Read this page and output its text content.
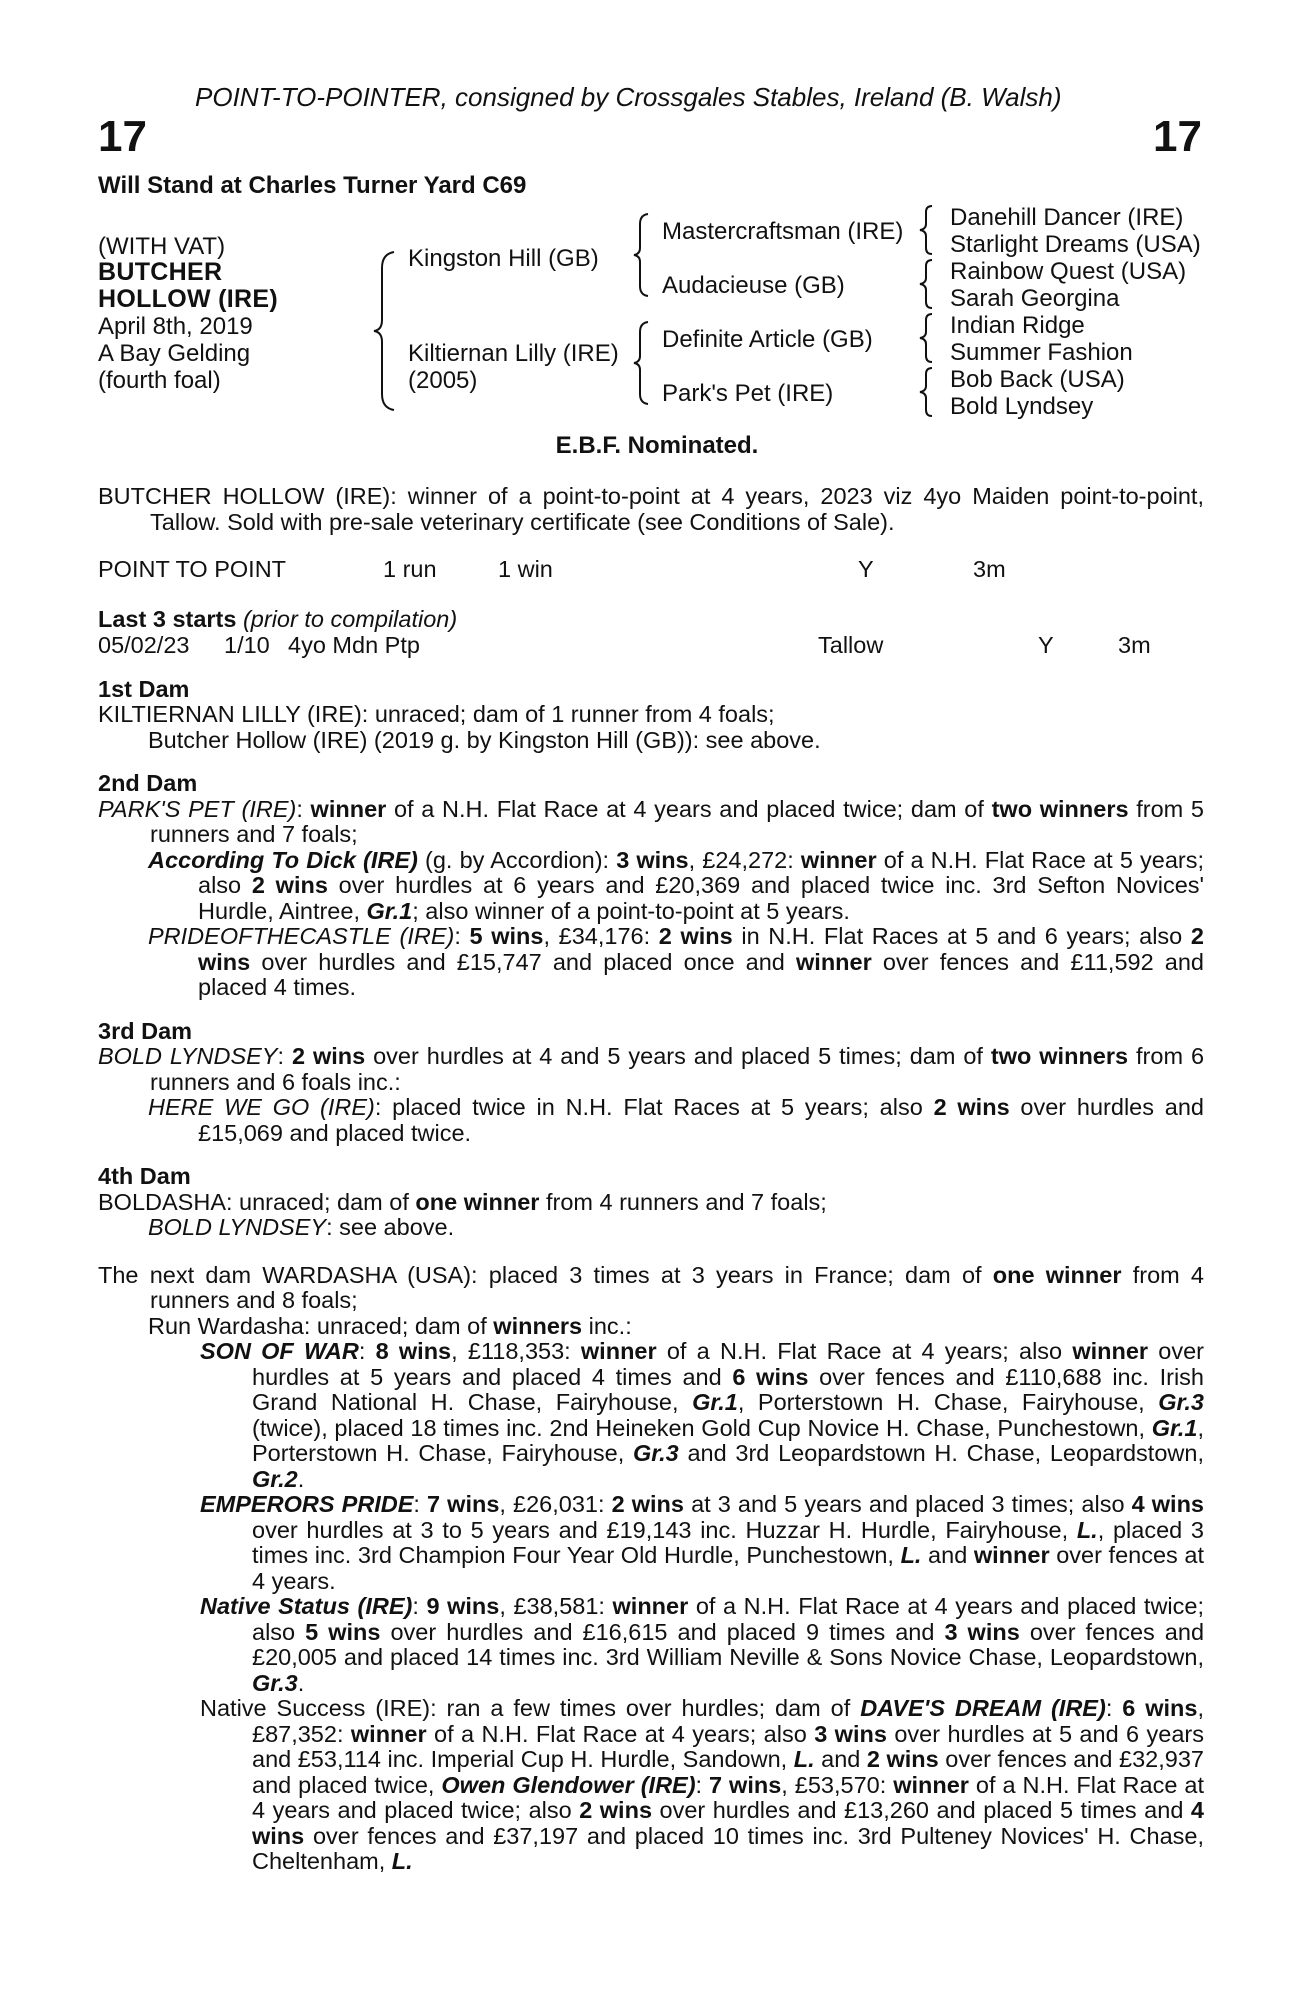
POINT-TO-POINTER, consigned by Crossgales Stables, Ireland (B. Walsh)
17	17
Will Stand at Charles Turner Yard C69
(WITH VAT)
BUTCHER
HOLLOW (IRE)
April 8th, 2019
A Bay Gelding
(fourth foal)
Kingston Hill (GB)
Kiltiernan Lilly (IRE)
(2005)
Mastercraftsman (IRE)
Audacieuse (GB)
Definite Article (GB)
Park's Pet (IRE)
Danehill Dancer (IRE)
Starlight Dreams (USA)
Rainbow Quest (USA)
Sarah Georgina
Indian Ridge
Summer Fashion
Bob Back (USA)
Bold Lyndsey
E.B.F. Nominated.

BUTCHER HOLLOW (IRE): winner of a point-to-point at 4 years, 2023 viz 4yo Maiden point-to-point, Tallow. Sold with pre-sale veterinary certificate (see Conditions of Sale).

POINT TO POINT	1 run	1 win	Y	3m
Last 3 starts (prior to compilation)
05/02/23 1/10 4yo Mdn Ptp	Tallow	Y	3m

1st Dam

KILTIERNAN LILLY (IRE): unraced; dam of 1 runner from 4 foals;

Butcher Hollow (IRE) (2019 g. by Kingston Hill (GB)): see above.

2nd Dam

PARK'S PET (IRE): winner of a N.H. Flat Race at 4 years and placed twice; dam of two winners from 5 runners and 7 foals;

According To Dick (IRE) (g. by Accordion): 3 wins, £24,272: winner of a N.H. Flat Race at 5 years; also 2 wins over hurdles at 6 years and £20,369 and placed twice inc. 3rd Sefton Novices' Hurdle, Aintree, Gr.1; also winner of a point-to-point at 5 years.

PRIDEOFTHECASTLE (IRE): 5 wins, £34,176: 2 wins in N.H. Flat Races at 5 and 6 years; also 2 wins over hurdles and £15,747 and placed once and winner over fences and £11,592 and placed 4 times.

3rd Dam

BOLD LYNDSEY: 2 wins over hurdles at 4 and 5 years and placed 5 times; dam of two winners from 6 runners and 6 foals inc.:

HERE WE GO (IRE): placed twice in N.H. Flat Races at 5 years; also 2 wins over hurdles and £15,069 and placed twice.

4th Dam

BOLDASHA: unraced; dam of one winner from 4 runners and 7 foals;

BOLD LYNDSEY: see above.

The next dam WARDASHA (USA): placed 3 times at 3 years in France; dam of one winner from 4 runners and 8 foals;

Run Wardasha: unraced; dam of winners inc.:

SON OF WAR: 8 wins, £118,353: winner of a N.H. Flat Race at 4 years; also winner over hurdles at 5 years and placed 4 times and 6 wins over fences and £110,688 inc. Irish Grand National H. Chase, Fairyhouse, Gr.1, Porterstown H. Chase, Fairyhouse, Gr.3 (twice), placed 18 times inc. 2nd Heineken Gold Cup Novice H. Chase, Punchestown, Gr.1, Porterstown H. Chase, Fairyhouse, Gr.3 and 3rd Leopardstown H. Chase, Leopardstown, Gr.2.

EMPERORS PRIDE: 7 wins, £26,031: 2 wins at 3 and 5 years and placed 3 times; also 4 wins over hurdles at 3 to 5 years and £19,143 inc. Huzzar H. Hurdle, Fairyhouse, L., placed 3 times inc. 3rd Champion Four Year Old Hurdle, Punchestown, L. and winner over fences at 4 years.

Native Status (IRE): 9 wins, £38,581: winner of a N.H. Flat Race at 4 years and placed twice; also 5 wins over hurdles and £16,615 and placed 9 times and 3 wins over fences and £20,005 and placed 14 times inc. 3rd William Neville & Sons Novice Chase, Leopardstown, Gr.3.

Native Success (IRE): ran a few times over hurdles; dam of DAVE'S DREAM (IRE): 6 wins, £87,352: winner of a N.H. Flat Race at 4 years; also 3 wins over hurdles at 5 and 6 years and £53,114 inc. Imperial Cup H. Hurdle, Sandown, L. and 2 wins over fences and £32,937 and placed twice, Owen Glendower (IRE): 7 wins, £53,570: winner of a N.H. Flat Race at 4 years and placed twice; also 2 wins over hurdles and £13,260 and placed 5 times and 4 wins over fences and £37,197 and placed 10 times inc. 3rd Pulteney Novices' H. Chase, Cheltenham, L.
